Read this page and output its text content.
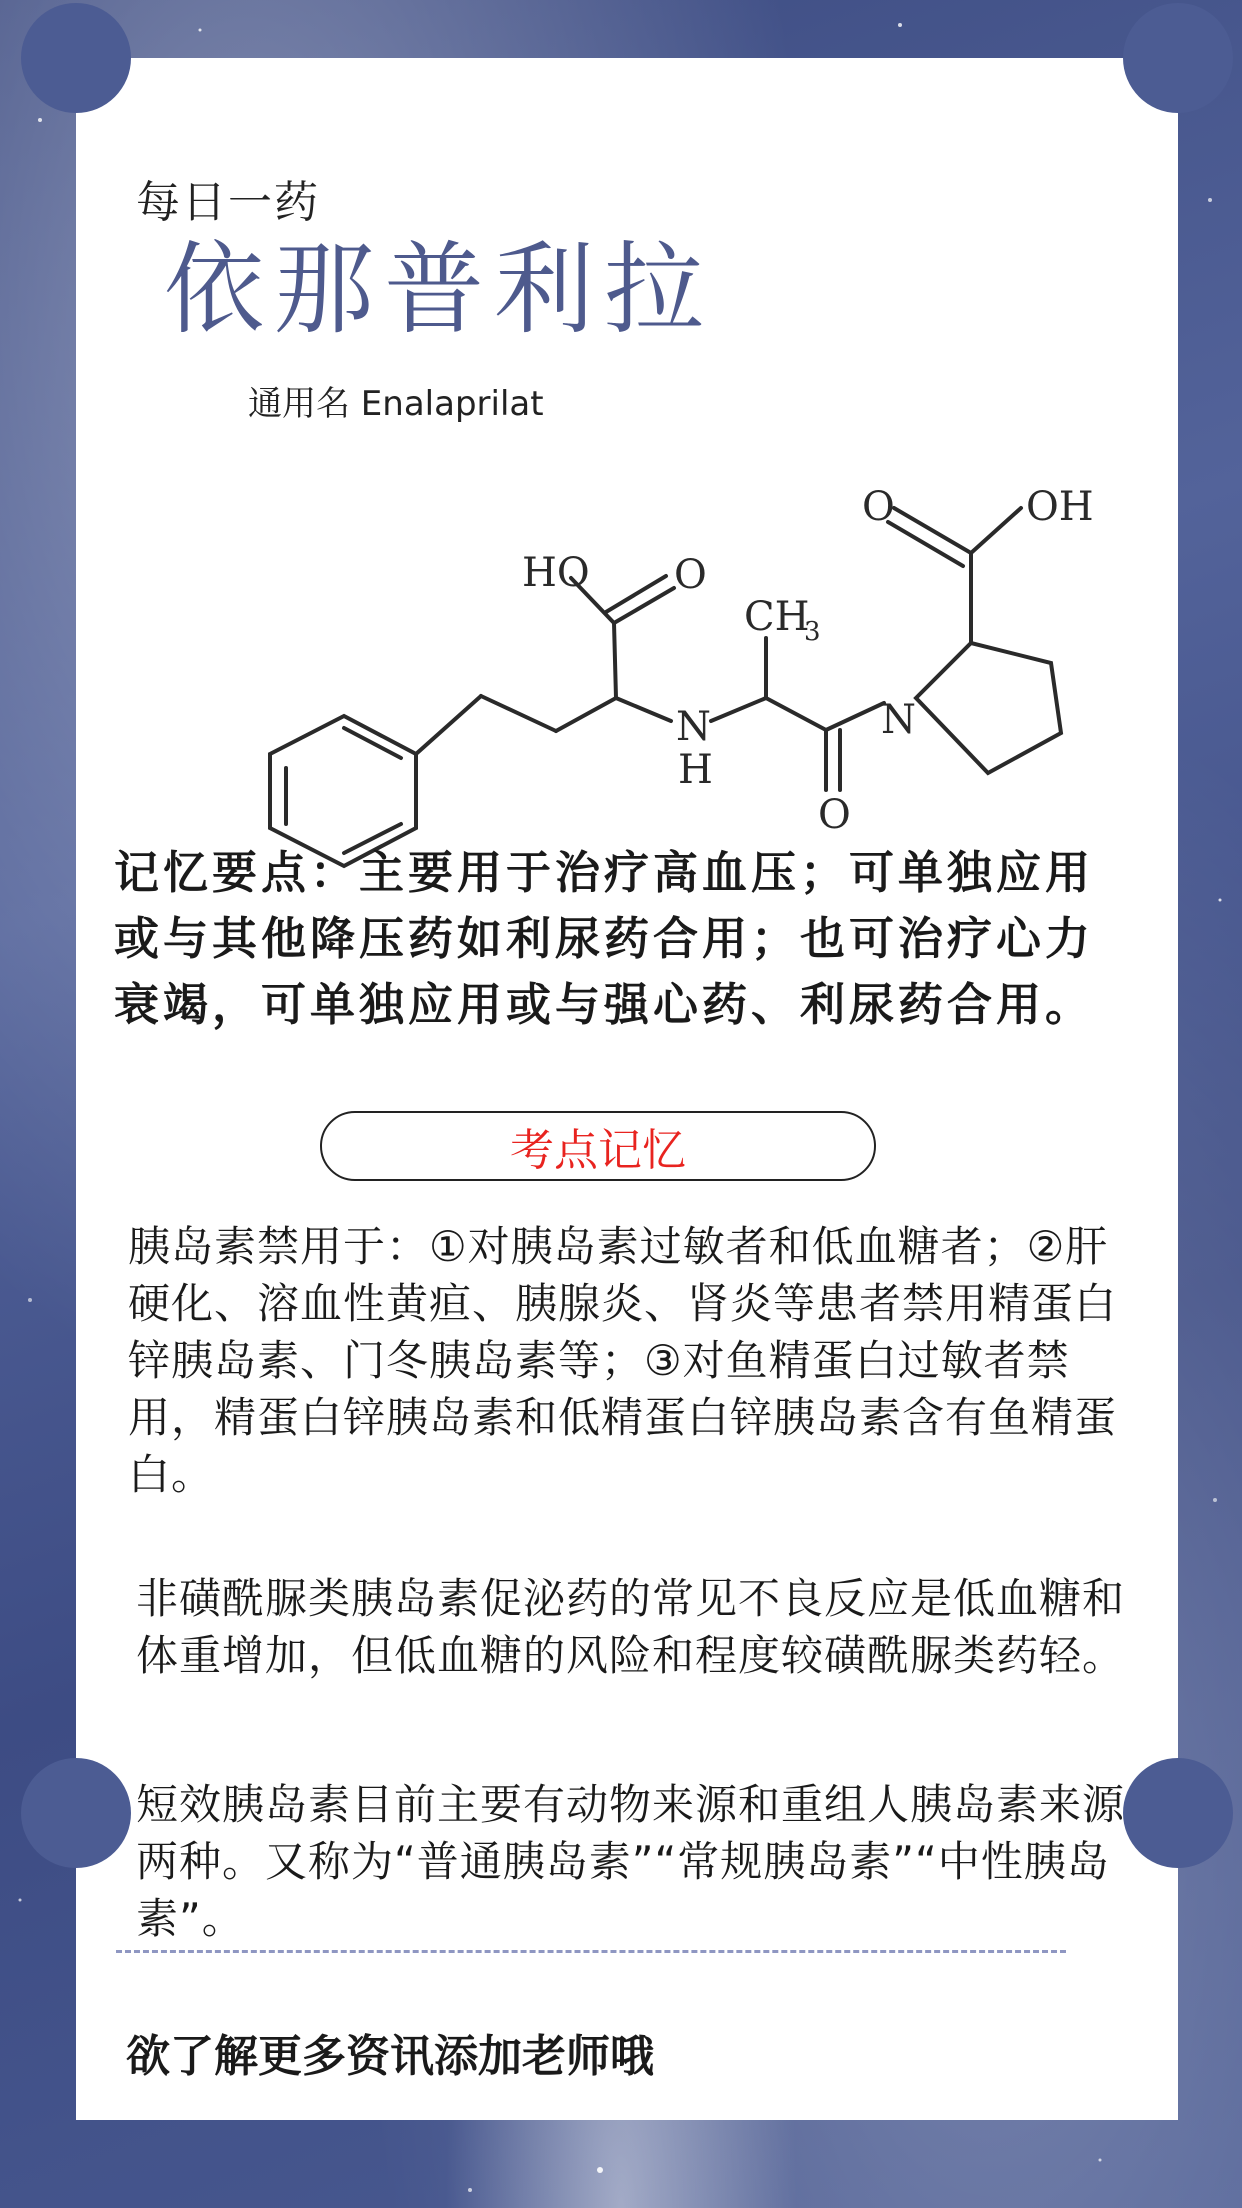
每日一药
依那普利拉
通用名 Enalaprilat
OH
O
HO O
CH
3
N
N
H
O
记忆要点：主要用于治疗高血压；可单独应用或与其他降压药如利尿药合用；也可治疗心力衰竭，可单独应用或与强心药、利尿药合用。
考点记忆
胰岛素禁用于：①对胰岛素过敏者和低血糖者；②肝硬化、溶血性黄疸、胰腺炎、肾炎等患者禁用精蛋白锌胰岛素、门冬胰岛素等；③对鱼精蛋白过敏者禁用，精蛋白锌胰岛素和低精蛋白锌胰岛素含有鱼精蛋白。
非磺酰脲类胰岛素促泌药的常见不良反应是低血糖和体重增加，但低血糖的风险和程度较磺酰脲类药轻。
短效胰岛素目前主要有动物来源和重组人胰岛素来源两种。又称为“普通胰岛素”“常规胰岛素”“中性胰岛素”。
欲了解更多资讯添加老师哦
